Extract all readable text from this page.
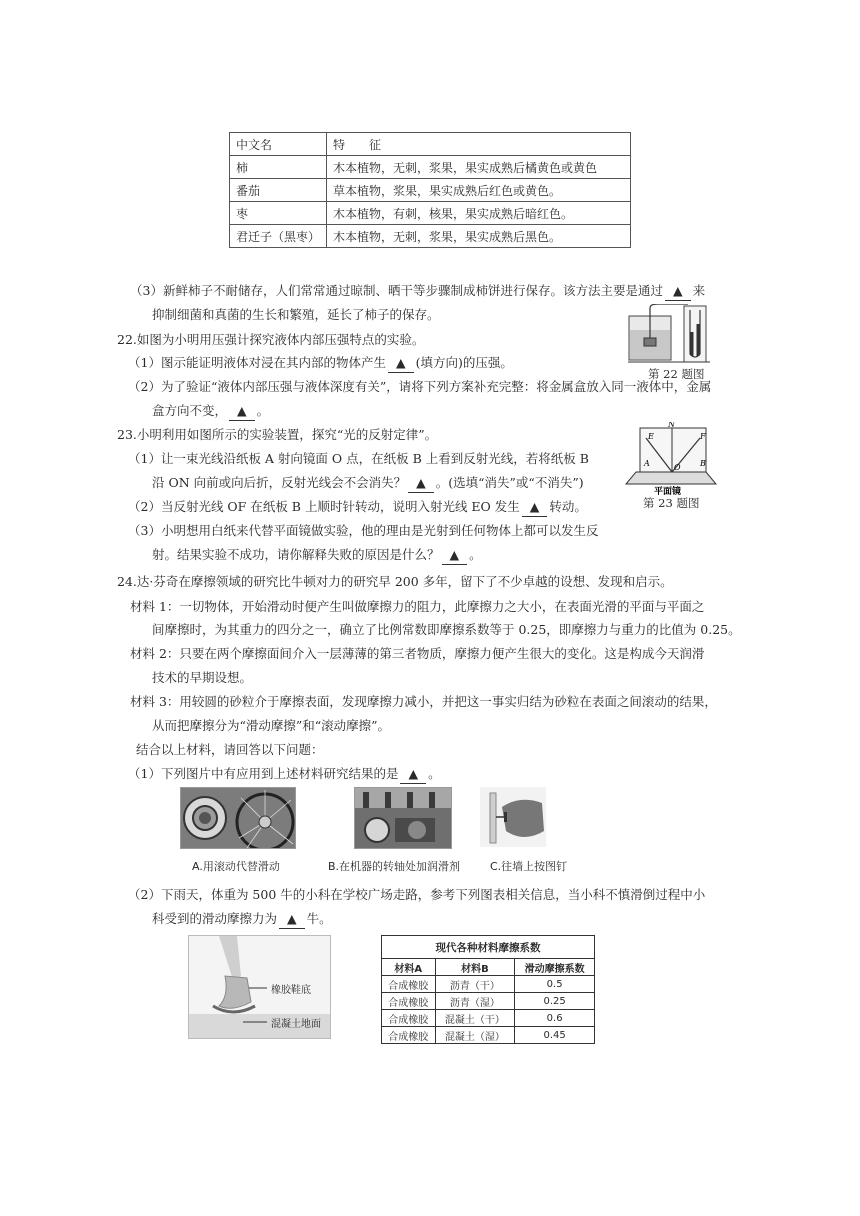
中文名	特　　征
柿	木本植物，无刺，浆果，果实成熟后橘黄色或黄色
番茄	草本植物，浆果，果实成熟后红色或黄色。
枣	木本植物，有刺，核果，果实成熟后暗红色。
君迁子（黑枣）	木本植物，无刺，浆果，果实成熟后黑色。
（3）新鲜柿子不耐储存，人们常常通过晾制、晒干等步骤制成柿饼进行保存。该方法主要是通过 ▲ 来
抑制细菌和真菌的生长和繁殖，延长了柿子的保存。
22.如图为小明用压强计探究液体内部压强特点的实验。
（1）图示能证明液体对浸在其内部的物体产生 ▲ (填方向)的压强。
（2）为了验证“液体内部压强与液体深度有关”，请将下列方案补充完整：将金属盒放入同一液体中，金属
盒方向不变， ▲ 。
第 22 题图
23.小明利用如图所示的实验装置，探究“光的反射定律”。
（1）让一束光线沿纸板 A 射向镜面 O 点，在纸板 B 上看到反射光线，若将纸板 B
沿 ON 向前或向后折，反射光线会不会消失？ ▲ 。(选填“消失”或“不消失”)
（2）当反射光线 OF 在纸板 B 上顺时针转动，说明入射光线 EO 发生 ▲ 转动。
（3）小明想用白纸来代替平面镜做实验，他的理由是光射到任何物体上都可以发生反
射。结果实验不成功，请你解释失败的原因是什么？ ▲ 。
E
N
F
A	B
O
平面镜
第 23 题图
24.达·芬奇在摩擦领域的研究比牛顿对力的研究早 200 多年，留下了不少卓越的设想、发现和启示。
材料 1：一切物体，开始滑动时便产生叫做摩擦力的阻力，此摩擦力之大小，在表面光滑的平面与平面之
间摩擦时，为其重力的四分之一，确立了比例常数即摩擦系数等于 0.25，即摩擦力与重力的比值为 0.25。
材料 2：只要在两个摩擦面间介入一层薄薄的第三者物质，摩擦力便产生很大的变化。这是构成今天润滑
技术的早期设想。
材料 3：用较圆的砂粒介于摩擦表面，发现摩擦力减小，并把这一事实归结为砂粒在表面之间滚动的结果，
从而把摩擦分为“滑动摩擦”和“滚动摩擦”。
结合以上材料，请回答以下问题：
（1）下列图片中有应用到上述材料研究结果的是 ▲ 。
A.用滚动代替滑动	B.在机器的转轴处加润滑剂	C.往墙上按图钉
（2）下雨天，体重为 500 牛的小科在学校广场走路，参考下列图表相关信息，当小科不慎滑倒过程中小
科受到的滑动摩擦力为 ▲ 牛。
橡胶鞋底
混凝土地面
现代各种材料摩擦系数		
材料A	材料B	滑动摩擦系数
合成橡胶	沥青（干）	0.5
合成橡胶	沥青（湿）	0.25
合成橡胶	混凝土（干）	0.6
合成橡胶	混凝土（湿）	0.45
